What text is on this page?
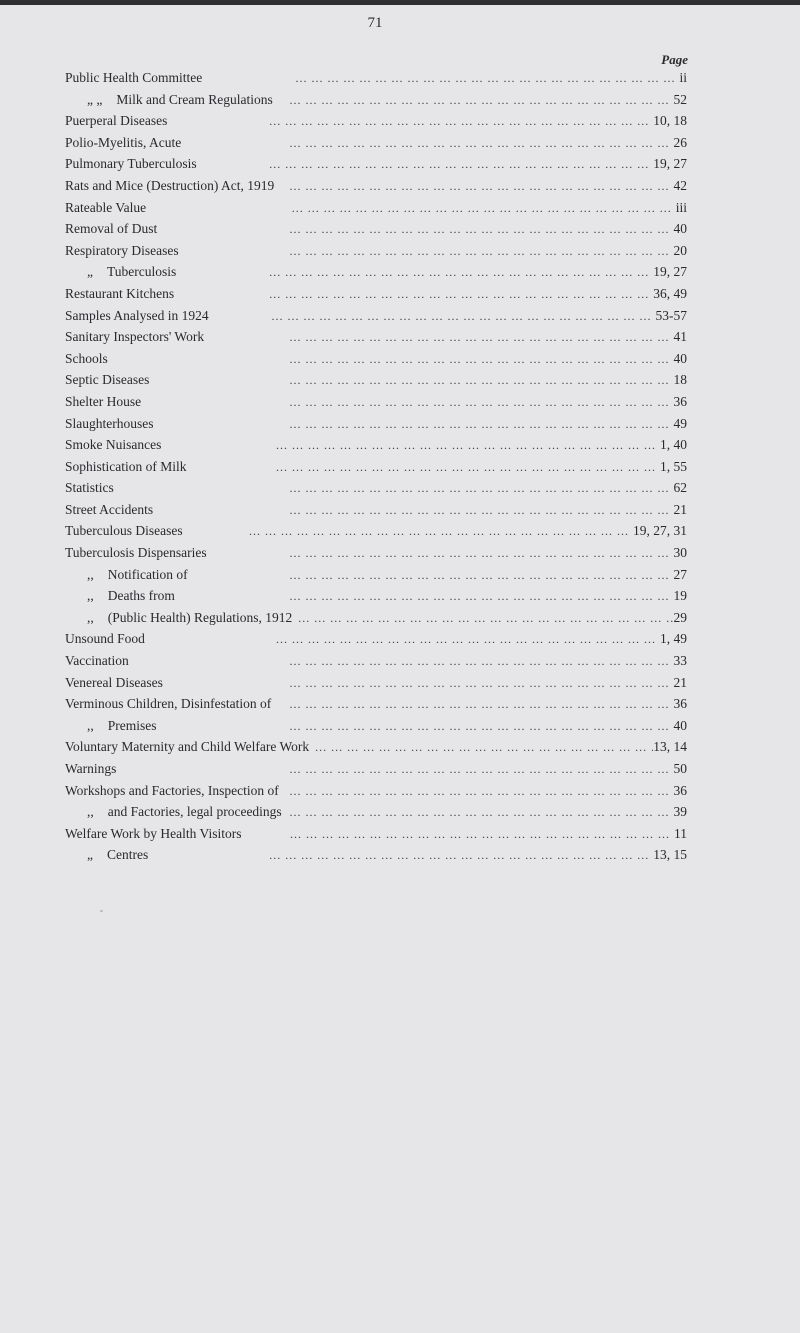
71
Page
Public Health Committee ... .	ii
„ „ Milk and Cream Regulations ... .	52
Puerperal Diseases ... .	10, 18
Polio-Myelitis, Acute ... .	26
Pulmonary Tuberculosis ... .	19, 27
Rats and Mice (Destruction) Act, 1919 ... .	42
Rateable Value ... .	iii
Removal of Dust ... .	40
Respiratory Diseases ... .	20
„ Tuberculosis ... .	19, 27
Restaurant Kitchens ... .	36, 49
Samples Analysed in 1924 ... .	53-57
Sanitary Inspectors' Work ... .	41
Schools ... .	40
Septic Diseases ... .	18
Shelter House ... .	36
Slaughterhouses ... .	49
Smoke Nuisances ... .	1, 40
Sophistication of Milk ... .	1, 55
Statistics ... .	62
Street Accidents ... .	21
Tuberculous Diseases ... .	19, 27, 31
Tuberculosis Dispensaries ... .	30
,, Notification of ... .	27
,, Deaths from ... .	19
,, (Public Health) Regulations, 1912 ... .	29
Unsound Food ... .	1, 49
Vaccination ... .	33
Venereal Diseases ... .	21
Verminous Children, Disinfestation of ... .	36
,, Premises ... .	40
Voluntary Maternity and Child Welfare Work ... .	13, 14
Warnings ... .	50
Workshops and Factories, Inspection of ... .	36
,, and Factories, legal proceedings ... .	39
Welfare Work by Health Visitors ... .	11
„ Centres ... .	13, 15
